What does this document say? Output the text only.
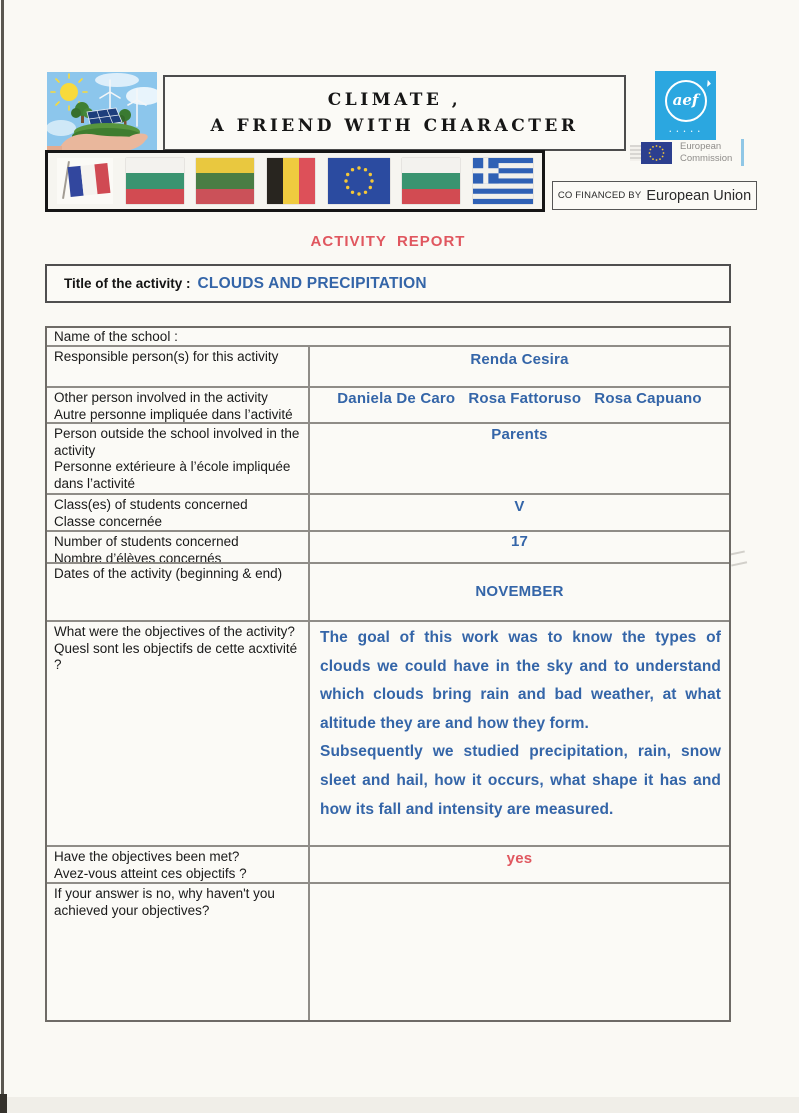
CLIMATE ,
A FRIEND WITH CHARACTER
aef
• • • • •
European
Commission
CO FINANCED BY European Union
ACTIVITY  REPORT
Title of the activity : CLOUDS AND PRECIPITATION
Name of the school :
Responsible person(s) for this activity	Renda Cesira
Other person involved in the activity
Autre personne impliquée dans l’activité
Daniela De Caro   Rosa Fattoruso   Rosa Capuano
Person outside the school involved in the activity
Personne extérieure à l’école impliquée dans l’activité
Parents
Class(es) of students concerned
Classe concernée
V
Number of students concerned
Nombre d’élèves concernés
17
Dates of the activity (beginning & end)
NOVEMBER
What were the objectives of the activity?
Quesl sont les objectifs de cette acxtivité ?

The goal of this work was to know the types of clouds we could have in the sky and to understand which clouds bring rain and bad weather, at what altitude they are and how they form.

Subsequently we studied precipitation, rain, snow sleet and hail, how it occurs, what shape it has and how its fall and intensity are measured.

Have the objectives been met?
Avez-vous atteint ces objectifs ?
yes
If your answer is no, why haven't you achieved your objectives?
